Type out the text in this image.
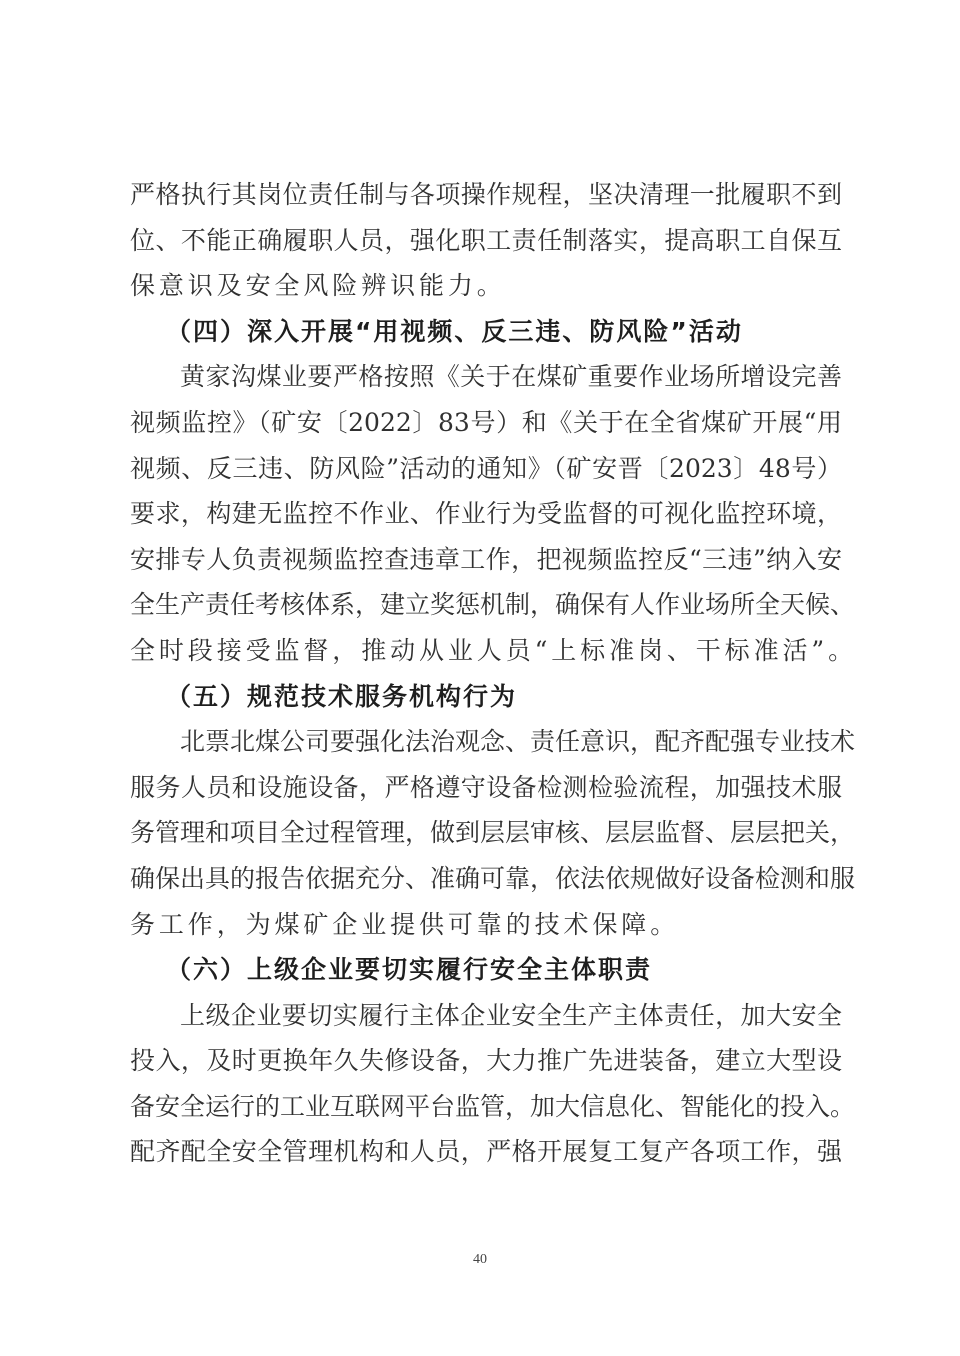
严格执行其岗位责任制与各项操作规程，坚决清理一批履职不到
位、不能正确履职人员，强化职工责任制落实，提高职工自保互
保意识及安全风险辨识能力。
（四）深入开展“用视频、反三违、防风险”活动
黄家沟煤业要严格按照《关于在煤矿重要作业场所增设完善
视频监控》（矿安〔2022〕83号）和《关于在全省煤矿开展“用
视频、反三违、防风险”活动的通知》（矿安晋〔2023〕48号）
要求，构建无监控不作业、作业行为受监督的可视化监控环境，
安排专人负责视频监控查违章工作，把视频监控反“三违”纳入安
全生产责任考核体系，建立奖惩机制，确保有人作业场所全天候、
全时段接受监督，推动从业人员“上标准岗、干标准活”。
（五）规范技术服务机构行为
北票北煤公司要强化法治观念、责任意识，配齐配强专业技术
服务人员和设施设备，严格遵守设备检测检验流程，加强技术服
务管理和项目全过程管理，做到层层审核、层层监督、层层把关，
确保出具的报告依据充分、准确可靠，依法依规做好设备检测和服
务工作，为煤矿企业提供可靠的技术保障。
（六）上级企业要切实履行安全主体职责
上级企业要切实履行主体企业安全生产主体责任，加大安全
投入，及时更换年久失修设备，大力推广先进装备，建立大型设
备安全运行的工业互联网平台监管，加大信息化、智能化的投入。
配齐配全安全管理机构和人员，严格开展复工复产各项工作，强
40
